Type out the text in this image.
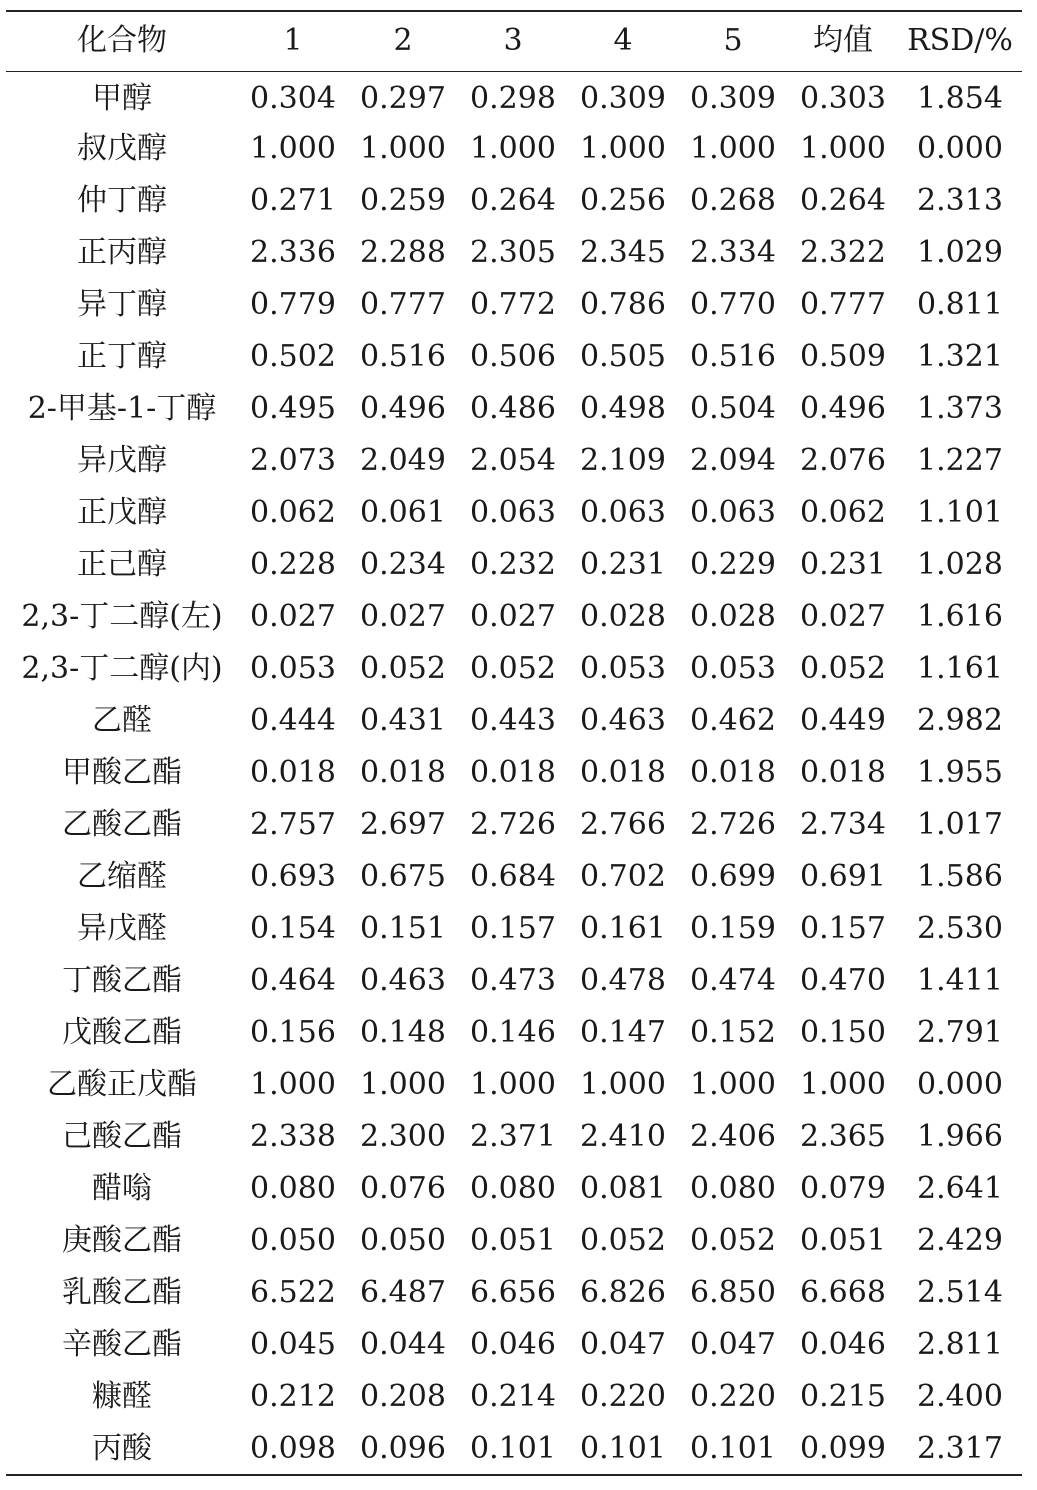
化合物	1	2	3	4	5	均值	RSD/%
甲醇	0.304	0.297	0.298	0.309	0.309	0.303	1.854
叔戊醇	1.000	1.000	1.000	1.000	1.000	1.000	0.000
仲丁醇	0.271	0.259	0.264	0.256	0.268	0.264	2.313
正丙醇	2.336	2.288	2.305	2.345	2.334	2.322	1.029
异丁醇	0.779	0.777	0.772	0.786	0.770	0.777	0.811
正丁醇	0.502	0.516	0.506	0.505	0.516	0.509	1.321
2-甲基-1-丁醇	0.495	0.496	0.486	0.498	0.504	0.496	1.373
异戊醇	2.073	2.049	2.054	2.109	2.094	2.076	1.227
正戊醇	0.062	0.061	0.063	0.063	0.063	0.062	1.101
正己醇	0.228	0.234	0.232	0.231	0.229	0.231	1.028
2,3-丁二醇(左)	0.027	0.027	0.027	0.028	0.028	0.027	1.616
2,3-丁二醇(内)	0.053	0.052	0.052	0.053	0.053	0.052	1.161
乙醛	0.444	0.431	0.443	0.463	0.462	0.449	2.982
甲酸乙酯	0.018	0.018	0.018	0.018	0.018	0.018	1.955
乙酸乙酯	2.757	2.697	2.726	2.766	2.726	2.734	1.017
乙缩醛	0.693	0.675	0.684	0.702	0.699	0.691	1.586
异戊醛	0.154	0.151	0.157	0.161	0.159	0.157	2.530
丁酸乙酯	0.464	0.463	0.473	0.478	0.474	0.470	1.411
戊酸乙酯	0.156	0.148	0.146	0.147	0.152	0.150	2.791
乙酸正戊酯	1.000	1.000	1.000	1.000	1.000	1.000	0.000
己酸乙酯	2.338	2.300	2.371	2.410	2.406	2.365	1.966
醋嗡	0.080	0.076	0.080	0.081	0.080	0.079	2.641
庚酸乙酯	0.050	0.050	0.051	0.052	0.052	0.051	2.429
乳酸乙酯	6.522	6.487	6.656	6.826	6.850	6.668	2.514
辛酸乙酯	0.045	0.044	0.046	0.047	0.047	0.046	2.811
糠醛	0.212	0.208	0.214	0.220	0.220	0.215	2.400
丙酸	0.098	0.096	0.101	0.101	0.101	0.099	2.317
